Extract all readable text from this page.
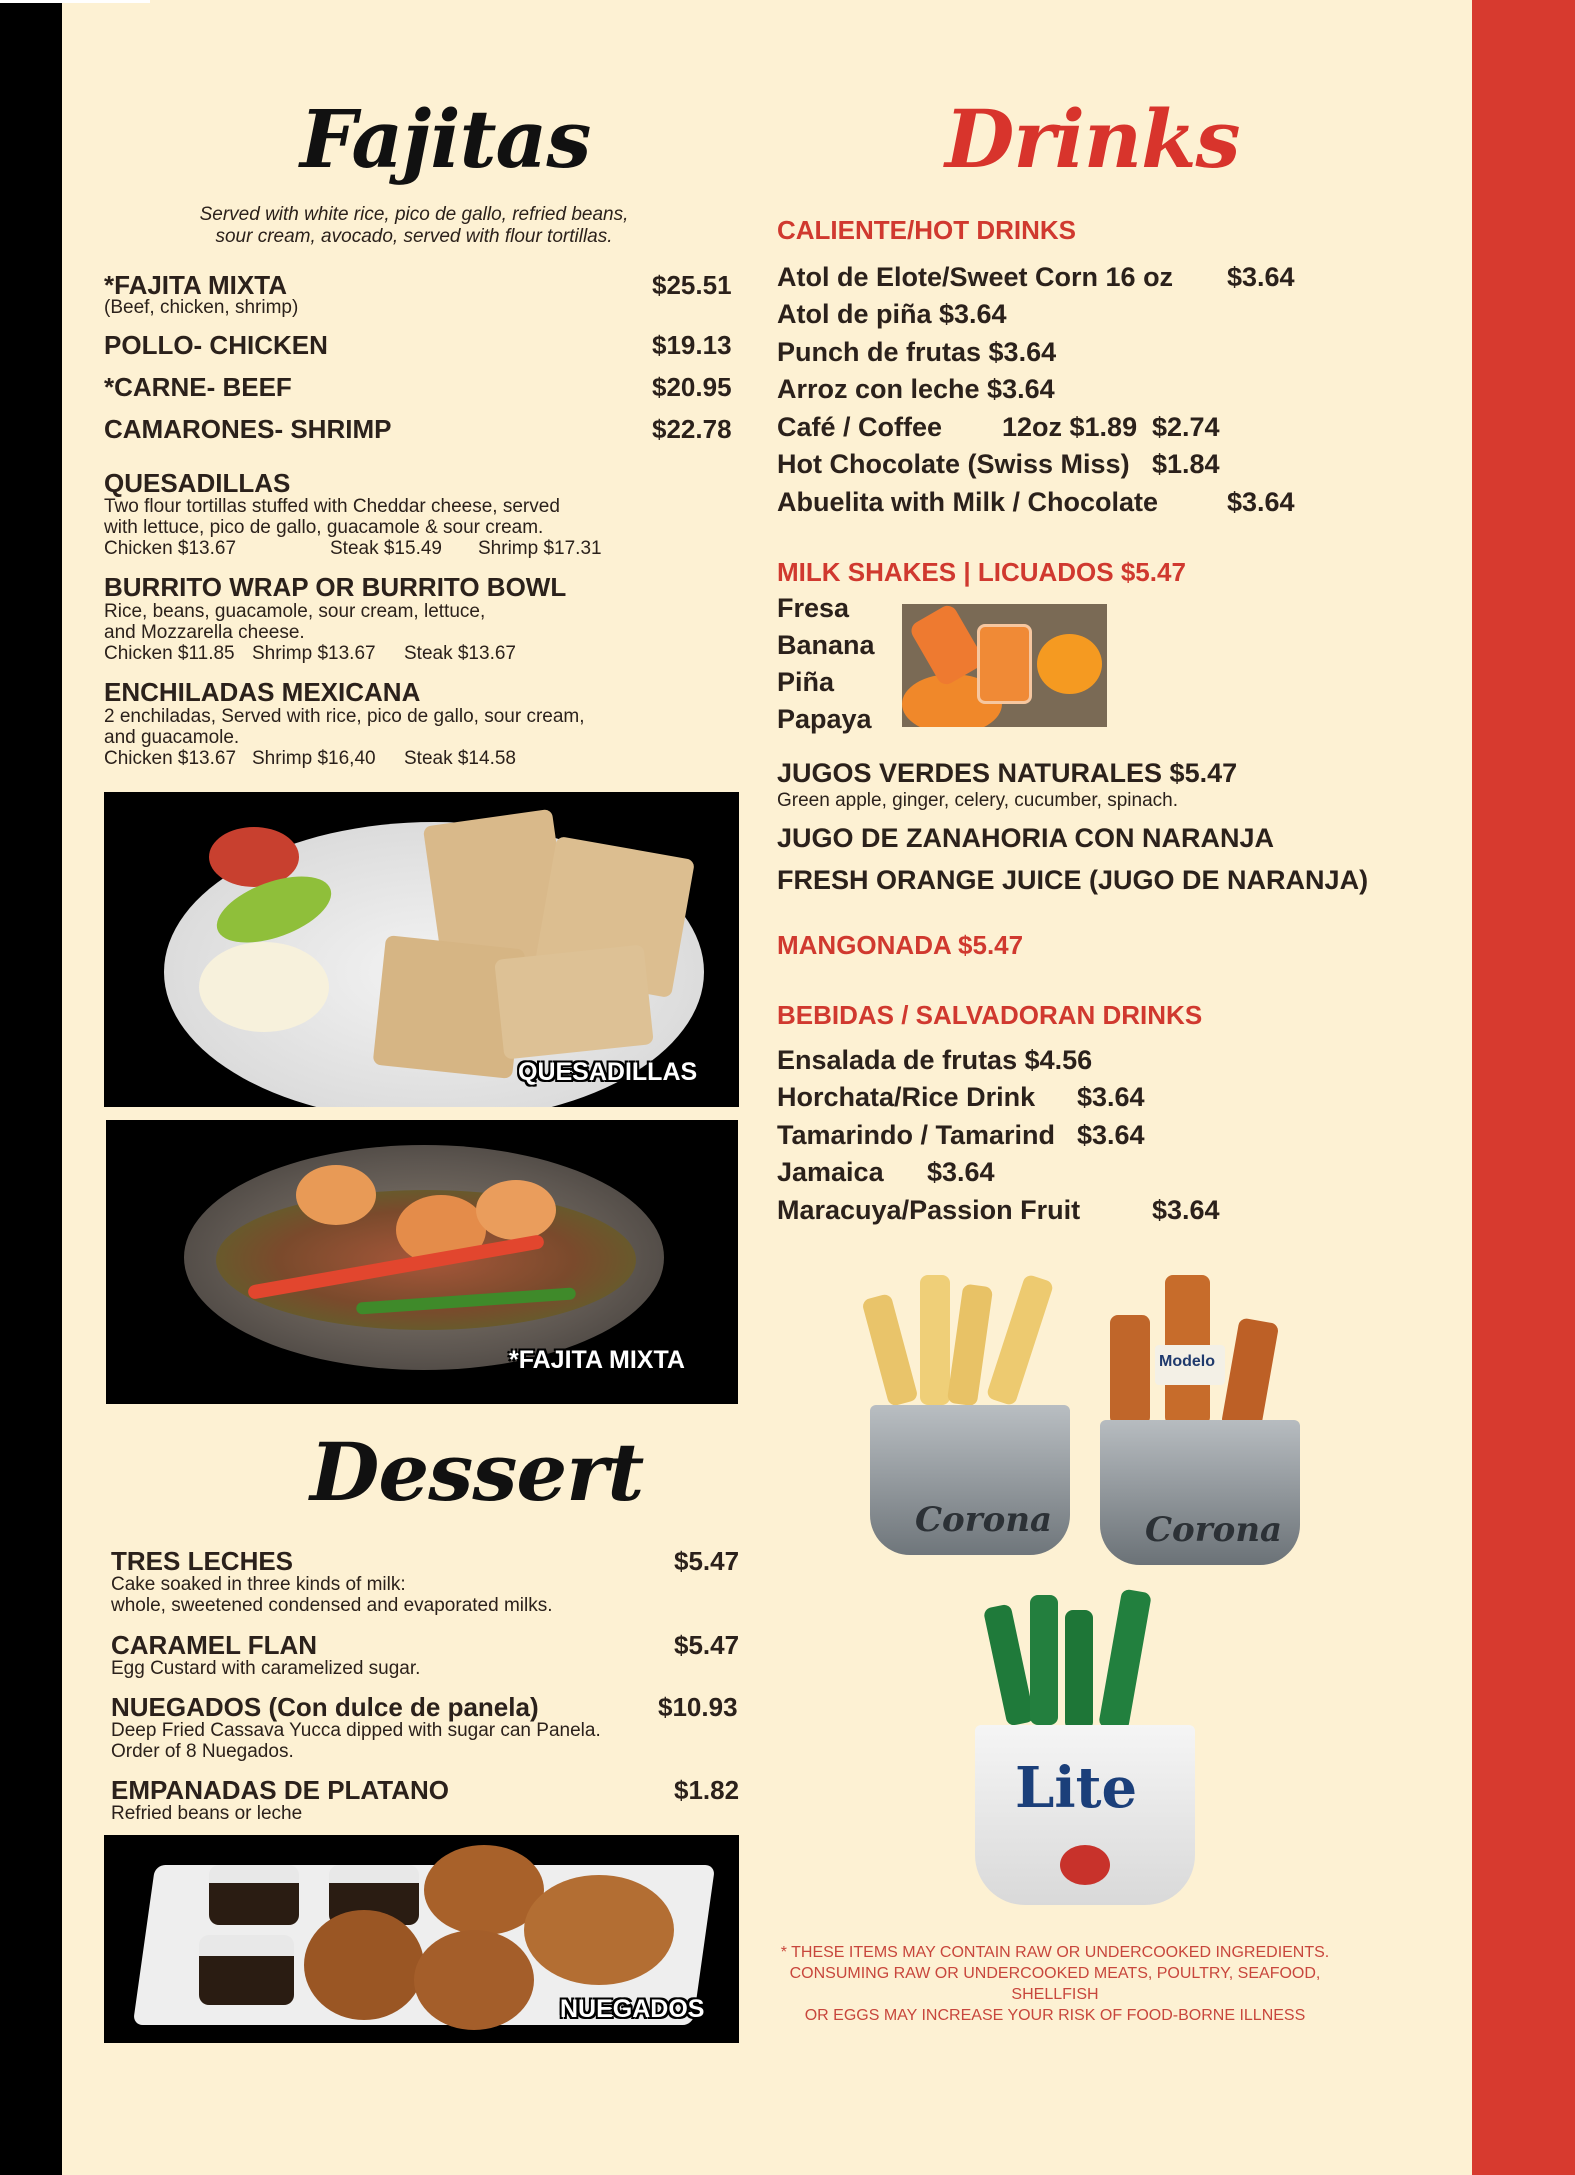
Fajitas
Served with white rice, pico de gallo, refried beans,
sour cream, avocado, served with flour tortillas.
*FAJITA MIXTA	$25.51
(Beef, chicken, shrimp)
POLLO- CHICKEN	$19.13
*CARNE- BEEF	$20.95
CAMARONES- SHRIMP	$22.78
QUESADILLAS
Two flour tortillas stuffed with Cheddar cheese, served
with lettuce, pico de gallo, guacamole & sour cream.
Chicken $13.67	Steak $15.49 Shrimp $17.31
BURRITO WRAP OR BURRITO BOWL
Rice, beans, guacamole, sour cream, lettuce,
and Mozzarella cheese.
Chicken $11.85 Shrimp $13.67 Steak $13.67
ENCHILADAS MEXICANA
2 enchiladas, Served with rice, pico de gallo, sour cream,
and guacamole.
Chicken $13.67 Shrimp $16,40 Steak $14.58
QUESADILLAS
*FAJITA MIXTA
Dessert
TRES LECHES	$5.47
Cake soaked in three kinds of milk:
whole, sweetened condensed and evaporated milks.
CARAMEL FLAN	$5.47
Egg Custard with caramelized sugar.
NUEGADOS (Con dulce de panela)	$10.93
Deep Fried Cassava Yucca dipped with sugar can Panela.
Order of 8 Nuegados.
EMPANADAS DE PLATANO	$1.82
Refried beans or leche
NUEGADOS
Drinks
CALIENTE/HOT DRINKS
Atol de Elote/Sweet Corn 16 oz $3.64
Atol de piña $3.64
Punch de frutas $3.64
Arroz con leche $3.64
Café / Coffee 12oz $1.89 $2.74
Hot Chocolate (Swiss Miss) $1.84
Abuelita with Milk / Chocolate	$3.64
MILK SHAKES | LICUADOS $5.47
Fresa
Banana
Piña
Papaya
JUGOS VERDES NATURALES $5.47
Green apple, ginger, celery, cucumber, spinach.
JUGO DE ZANAHORIA CON NARANJA
FRESH ORANGE JUICE (JUGO DE NARANJA)
MANGONADA $5.47
BEBIDAS / SALVADORAN DRINKS
Ensalada de frutas $4.56
Horchata/Rice Drink $3.64
Tamarindo / Tamarind $3.64
Jamaica $3.64
Maracuya/Passion Fruit	$3.64
Corona
Modelo
Corona
Lite
* THESE ITEMS MAY CONTAIN RAW OR UNDERCOOKED INGREDIENTS.
CONSUMING RAW OR UNDERCOOKED MEATS, POULTRY, SEAFOOD, SHELLFISH
OR EGGS MAY INCREASE YOUR RISK OF FOOD-BORNE ILLNESS
